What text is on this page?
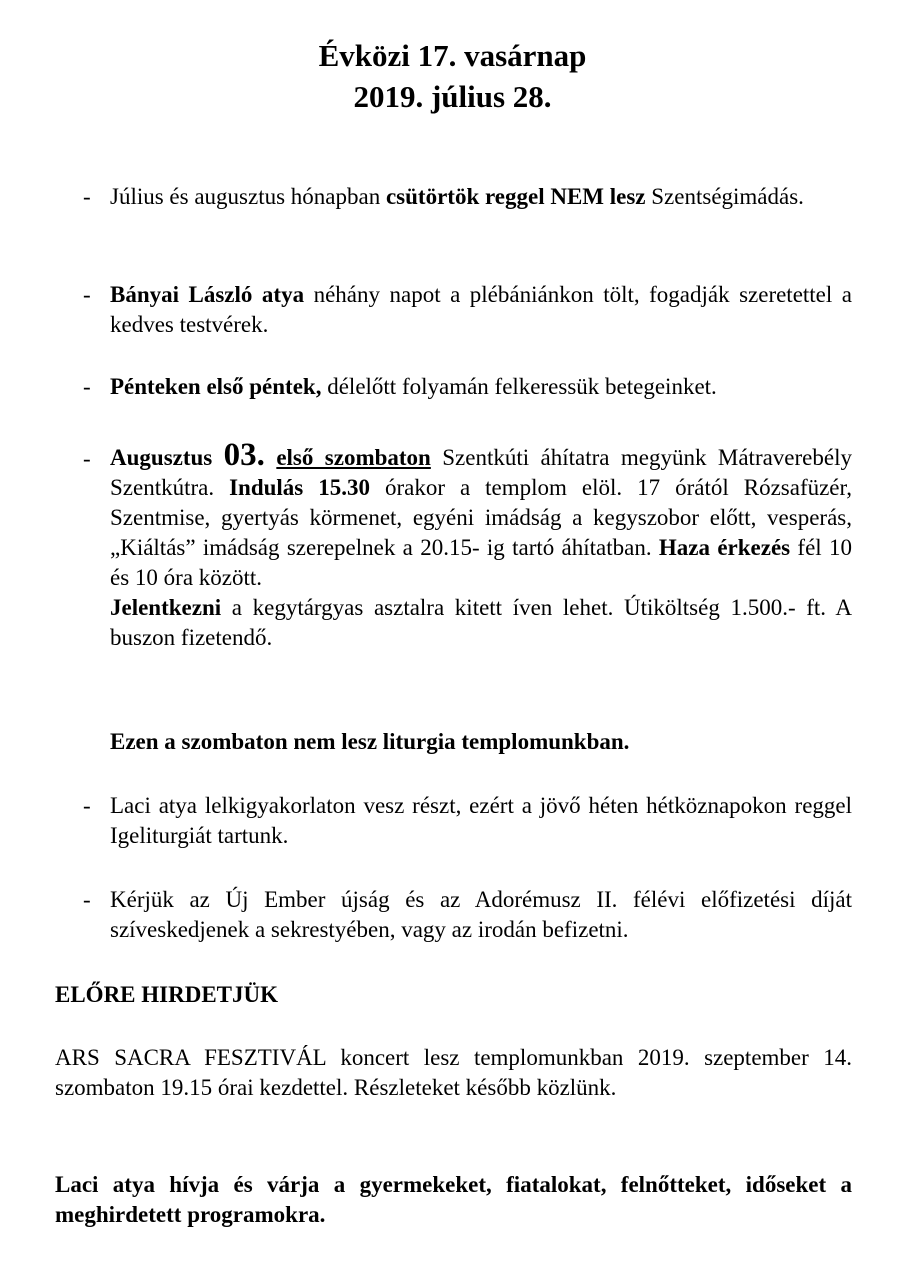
Évközi 17. vasárnap
2019. július 28.
- Július és augusztus hónapban csütörtök reggel NEM lesz Szentségimádás.

- Bányai László atya néhány napot a plébániánkon tölt, fogadják szeretettel a kedves testvérek.

- Pénteken első péntek, délelőtt folyamán felkeressük betegeinket.

- Augusztus 03. első szombaton Szentkúti áhítatra megyünk Mátraverebély Szentkútra. Indulás 15.30 órakor a templom elöl. 17 órától Rózsafüzér, Szentmise, gyertyás körmenet, egyéni imádság a kegyszobor előtt, vesperás, „Kiáltás” imádság szerepelnek a 20.15- ig tartó áhítatban. Haza érkezés fél 10 és 10 óra között.

Jelentkezni a kegytárgyas asztalra kitett íven lehet. Útiköltség 1.500.- ft. A buszon fizetendő.

Ezen a szombaton nem lesz liturgia templomunkban.

- Laci atya lelkigyakorlaton vesz részt, ezért a jövő héten hétköznapokon reggel Igeliturgiát tartunk.

- Kérjük az Új Ember újság és az Adorémusz II. félévi előfizetési díját szíveskedjenek a sekrestyében, vagy az irodán befizetni.

ELŐRE HIRDETJÜK

ARS SACRA FESZTIVÁL koncert lesz templomunkban 2019. szeptember 14. szombaton 19.15 órai kezdettel. Részleteket később közlünk.

Laci atya hívja és várja a gyermekeket, fiatalokat, felnőtteket, időseket a meghirdetett programokra.
